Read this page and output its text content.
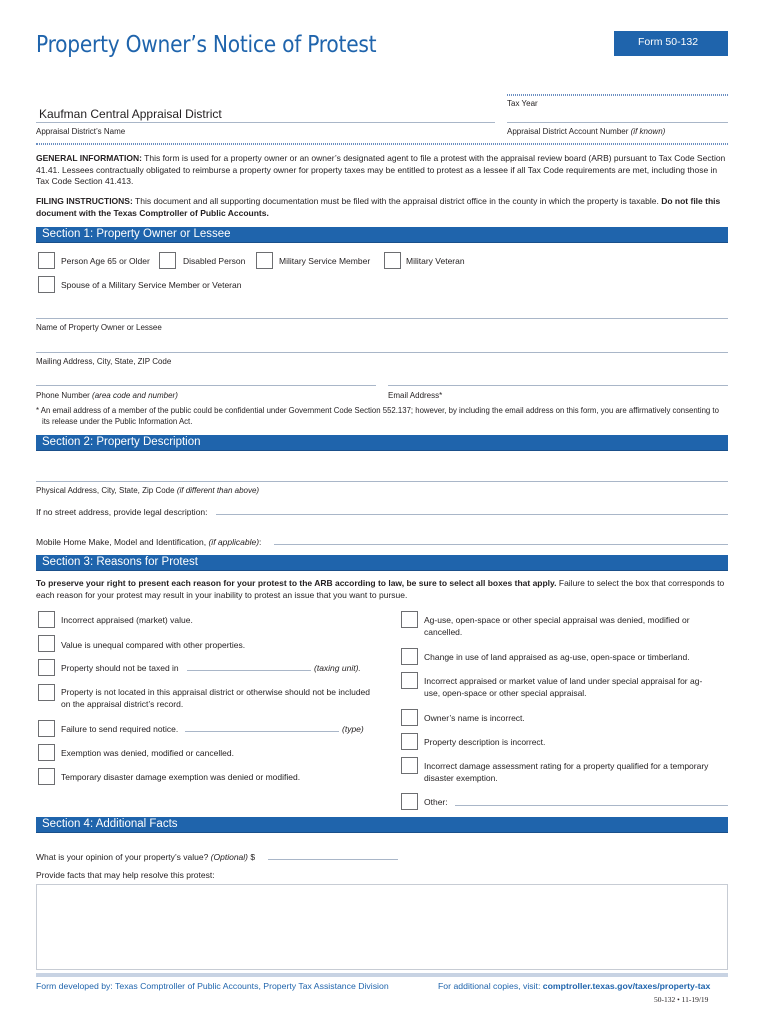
Property Owner’s Notice of Protest	Form 50-132
Tax Year
Kaufman Central Appraisal District
Appraisal District’s Name	Appraisal District Account Number (if known)
GENERAL INFORMATION: This form is used for a property owner or an owner’s designated agent to file a protest with the appraisal review board (ARB) pursuant to Tax Code Section 41.41. Lessees contractually obligated to reimburse a property owner for property taxes may be entitled to protest as a lessee if all Tax Code requirements are met, including those in Tax Code Section 41.413.
FILING INSTRUCTIONS: This document and all supporting documentation must be filed with the appraisal district office in the county in which the property is taxable. Do not file this document with the Texas Comptroller of Public Accounts.
Section 1: Property Owner or Lessee
Person Age 65 or Older	Disabled Person	Military Service Member	Military Veteran
Spouse of a Military Service Member or Veteran
Name of Property Owner or Lessee
Mailing Address, City, State, ZIP Code
Phone Number (area code and number)	Email Address*
* An email address of a member of the public could be confidential under Government Code Section 552.137; however, by including the email address on this form, you are affirmatively consenting to its release under the Public Information Act.
Section 2: Property Description
Physical Address, City, State, Zip Code (if different than above)
If no street address, provide legal description:
Mobile Home Make, Model and Identification, (if applicable):
Section 3: Reasons for Protest
To preserve your right to present each reason for your protest to the ARB according to law, be sure to select all boxes that apply. Failure to select the box that corresponds to each reason for your protest may result in your inability to protest an issue that you want to pursue.
Incorrect appraised (market) value.
Value is unequal compared with other properties.
Property should not be taxed in	(taxing unit).
Property is not located in this appraisal district or otherwise should not be included on the appraisal district’s record.
Failure to send required notice.	(type)
Exemption was denied, modified or cancelled.
Temporary disaster damage exemption was denied or modified.
Ag-use, open-space or other special appraisal was denied, modified or cancelled.
Change in use of land appraised as ag-use, open-space or timberland.
Incorrect appraised or market value of land under special appraisal for ag-use, open-space or other special appraisal.
Owner’s name is incorrect.
Property description is incorrect.
Incorrect damage assessment rating for a property qualified for a temporary disaster exemption.
Other:
Section 4: Additional Facts
What is your opinion of your property’s value? (Optional) $
Provide facts that may help resolve this protest:
Form developed by: Texas Comptroller of Public Accounts, Property Tax Assistance Division	For additional copies, visit: comptroller.texas.gov/taxes/property-tax
50-132 • 11-19/19
